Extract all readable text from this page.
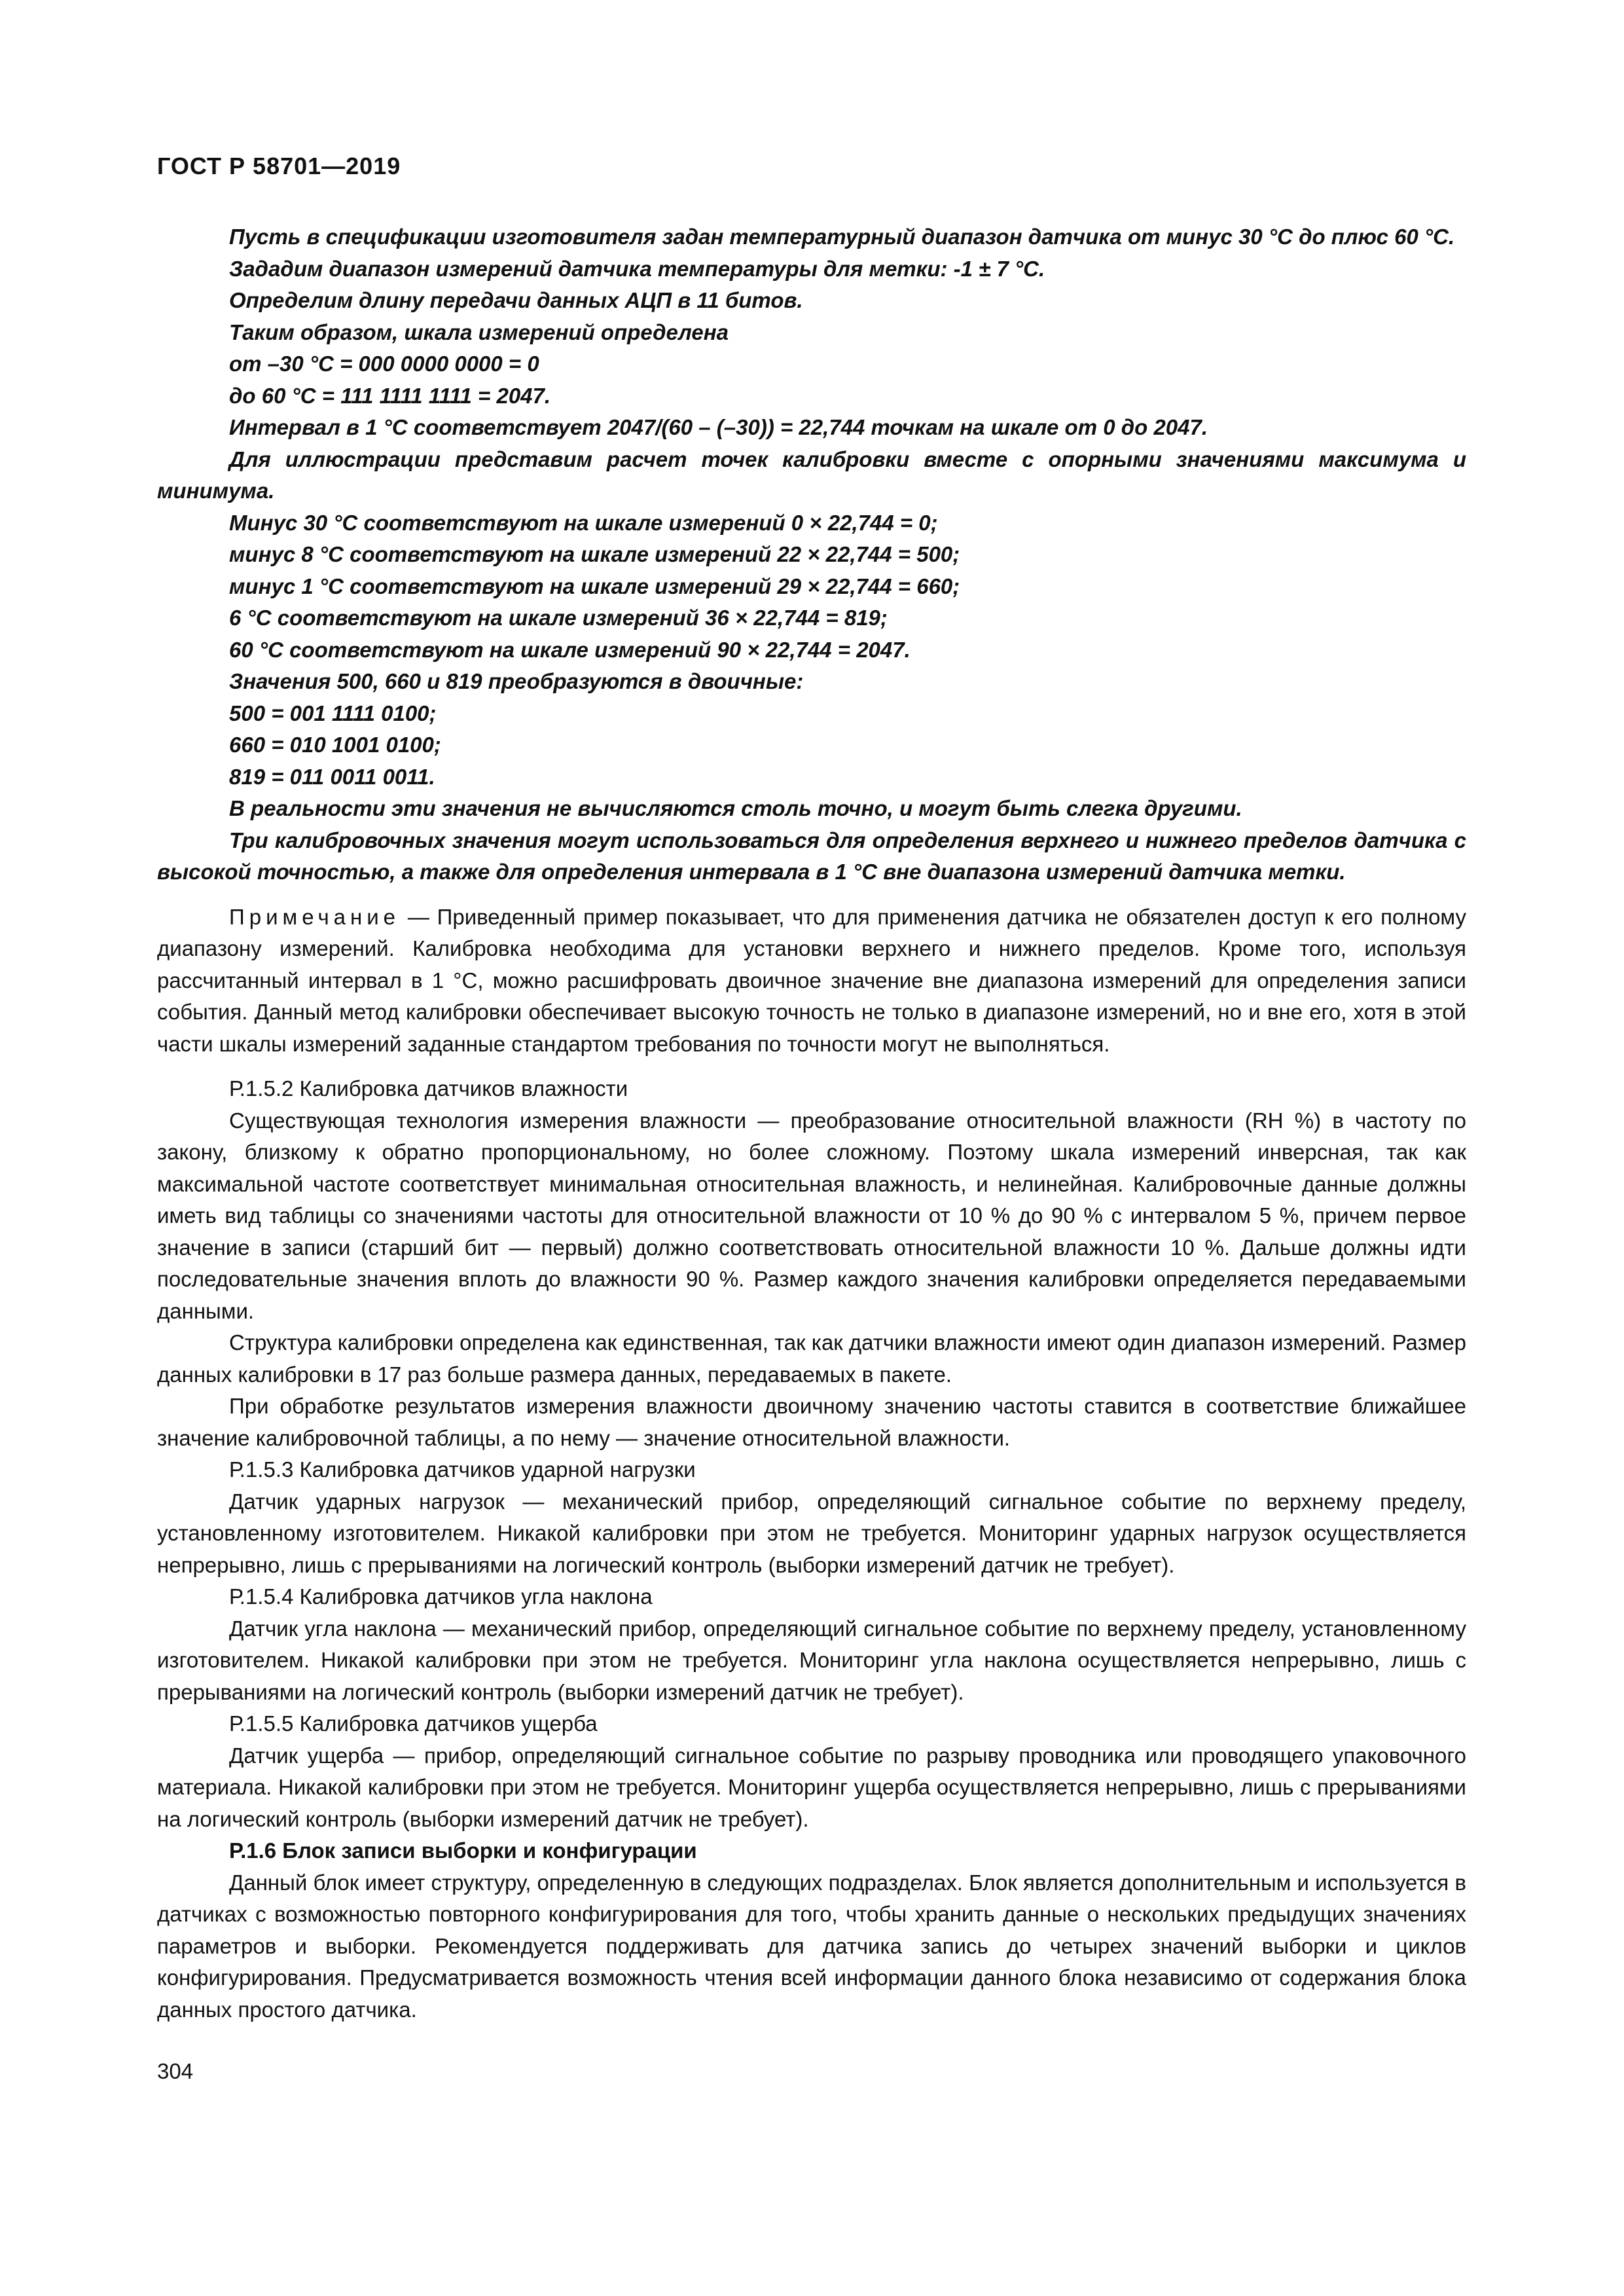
ГОСТ Р 58701—2019

Пусть в спецификации изготовителя задан температурный диапазон датчика от минус 30 °C до плюс 60 °C.

Зададим диапазон измерений датчика температуры для метки: -1 ± 7 °C.

Определим длину передачи данных АЦП в 11 битов.

Таким образом, шкала измерений определена

от –30 °C = 000 0000 0000 = 0

до 60 °C = 111 1111 1111 = 2047.

Интервал в 1 °C соответствует 2047/(60 – (–30)) = 22,744 точкам на шкале от 0 до 2047.

Для иллюстрации представим расчет точек калибровки вместе с опорными значениями максимума и минимума.

Минус 30 °C соответствуют на шкале измерений 0 × 22,744 = 0;

минус 8 °C соответствуют на шкале измерений 22 × 22,744 = 500;

минус 1 °C соответствуют на шкале измерений 29 × 22,744 = 660;

6 °C соответствуют на шкале измерений 36 × 22,744 = 819;

60 °C соответствуют на шкале измерений 90 × 22,744 = 2047.

Значения 500, 660 и 819 преобразуются в двоичные:

500 = 001 1111 0100;

660 = 010 1001 0100;

819 = 011 0011 0011.

В реальности эти значения не вычисляются столь точно, и могут быть слегка другими.

Три калибровочных значения могут использоваться для определения верхнего и нижнего пределов датчика с высокой точностью, а также для определения интервала в 1 °C вне диапазона измерений датчика метки.

Примечание — Приведенный пример показывает, что для применения датчика не обязателен доступ к его полному диапазону измерений. Калибровка необходима для установки верхнего и нижнего пределов. Кроме того, используя рассчитанный интервал в 1 °C, можно расшифровать двоичное значение вне диапазона измерений для определения записи события. Данный метод калибровки обеспечивает высокую точность не только в диапазоне измерений, но и вне его, хотя в этой части шкалы измерений заданные стандартом требования по точности могут не выполняться.

Р.1.5.2 Калибровка датчиков влажности

Существующая технология измерения влажности — преобразование относительной влажности (RH %) в частоту по закону, близкому к обратно пропорциональному, но более сложному. Поэтому шкала измерений инверсная, так как максимальной частоте соответствует минимальная относительная влажность, и нелинейная. Калибровочные данные должны иметь вид таблицы со значениями частоты для относительной влажности от 10 % до 90 % с интервалом 5 %, причем первое значение в записи (старший бит — первый) должно соответствовать относительной влажности 10 %. Дальше должны идти последовательные значения вплоть до влажности 90 %. Размер каждого значения калибровки определяется передаваемыми данными.

Структура калибровки определена как единственная, так как датчики влажности имеют один диапазон измерений. Размер данных калибровки в 17 раз больше размера данных, передаваемых в пакете.

При обработке результатов измерения влажности двоичному значению частоты ставится в соответствие ближайшее значение калибровочной таблицы, а по нему — значение относительной влажности.

Р.1.5.3 Калибровка датчиков ударной нагрузки

Датчик ударных нагрузок — механический прибор, определяющий сигнальное событие по верхнему пределу, установленному изготовителем. Никакой калибровки при этом не требуется. Мониторинг ударных нагрузок осуществляется непрерывно, лишь с прерываниями на логический контроль (выборки измерений датчик не требует).

Р.1.5.4 Калибровка датчиков угла наклона

Датчик угла наклона — механический прибор, определяющий сигнальное событие по верхнему пределу, установленному изготовителем. Никакой калибровки при этом не требуется. Мониторинг угла наклона осуществляется непрерывно, лишь с прерываниями на логический контроль (выборки измерений датчик не требует).

Р.1.5.5 Калибровка датчиков ущерба

Датчик ущерба — прибор, определяющий сигнальное событие по разрыву проводника или проводящего упаковочного материала. Никакой калибровки при этом не требуется. Мониторинг ущерба осуществляется непрерывно, лишь с прерываниями на логический контроль (выборки измерений датчик не требует).

Р.1.6 Блок записи выборки и конфигурации

Данный блок имеет структуру, определенную в следующих подразделах. Блок является дополнительным и используется в датчиках с возможностью повторного конфигурирования для того, чтобы хранить данные о нескольких предыдущих значениях параметров и выборки. Рекомендуется поддерживать для датчика запись до четырех значений выборки и циклов конфигурирования. Предусматривается возможность чтения всей информации данного блока независимо от содержания блока данных простого датчика.

304
